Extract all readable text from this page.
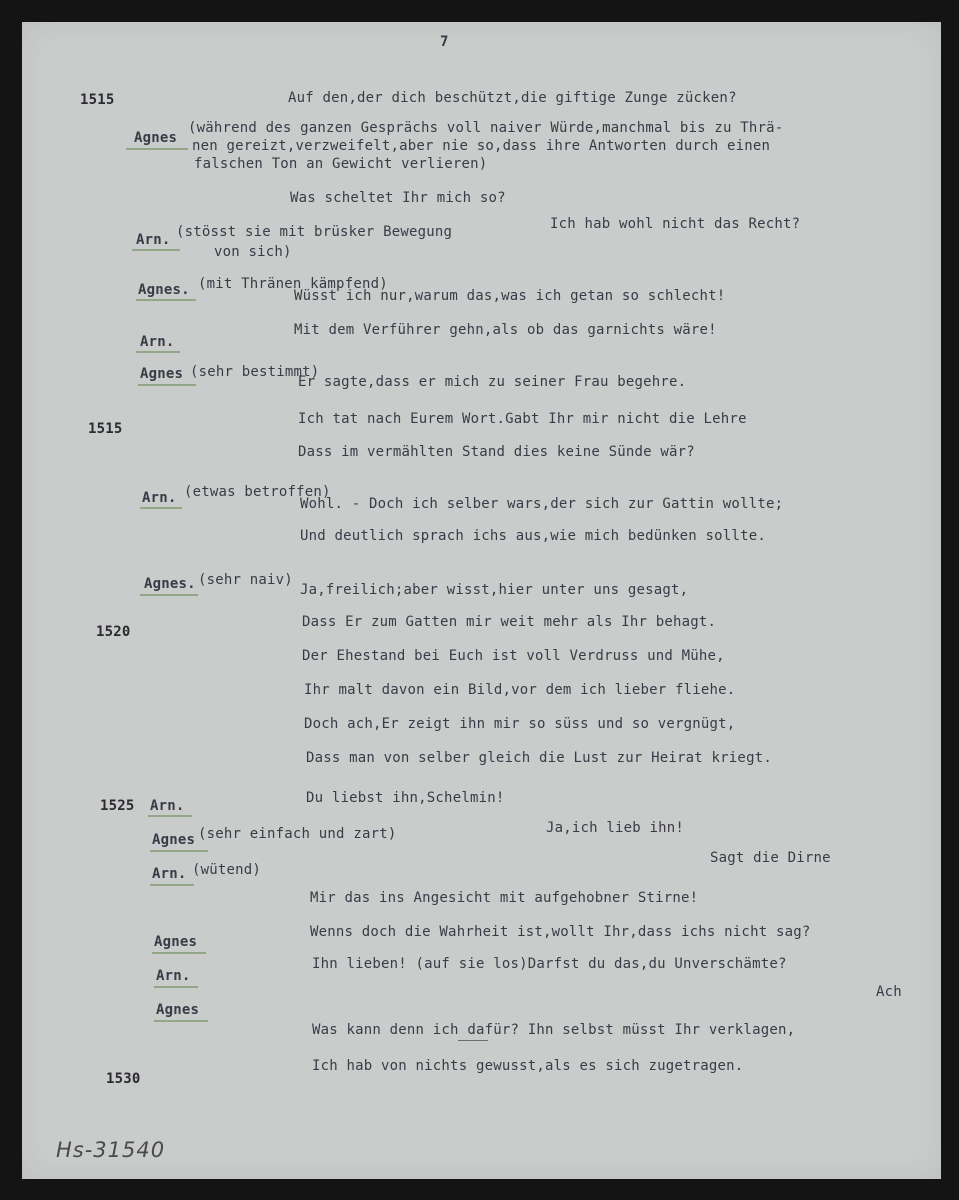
7
1515
1515
1520
1525
1530
Auf den,der dich beschützt,die giftige Zunge zücken?
Agnes
(während des ganzen Gesprächs voll naiver Würde,manchmal bis zu Thrä-
nen gereizt,verzweifelt,aber nie so,dass ihre Antworten durch einen
falschen Ton an Gewicht verlieren)
Was scheltet Ihr mich so?
Arn. (stösst sie mit brüsker Bewegung
von sich)
Ich hab wohl nicht das Recht?
Agnes. (mit Thränen kämpfend)
Wüsst ich nur,warum das,was ich getan so schlecht!
Arn.
Mit dem Verführer gehn,als ob das garnichts wäre!
Agnes (sehr bestimmt)
Er sagte,dass er mich zu seiner Frau begehre.
Ich tat nach Eurem Wort.Gabt Ihr mir nicht die Lehre
Dass im vermählten Stand dies keine Sünde wär?
Arn. (etwas betroffen)
Wohl. - Doch ich selber wars,der sich zur Gattin wollte;
Und deutlich sprach ichs aus,wie mich bedünken sollte.
Agnes. (sehr naiv)
Ja,freilich;aber wisst,hier unter uns gesagt,
Dass Er zum Gatten mir weit mehr als Ihr behagt.
Der Ehestand bei Euch ist voll Verdruss und Mühe,
Ihr malt davon ein Bild,vor dem ich lieber fliehe.
Doch ach,Er zeigt ihn mir so süss und so vergnügt,
Dass man von selber gleich die Lust zur Heirat kriegt.
Arn.	Du liebst ihn,Schelmin!
Agnes (sehr einfach und zart)	Ja,ich lieb ihn!
Arn. (wütend)
Sagt die Dirne
Mir das ins Angesicht mit aufgehobner Stirne!
Agnes
Wenns doch die Wahrheit ist,wollt Ihr,dass ichs nicht sag?
Arn.
Ihn lieben! (auf sie los)Darfst du das,du Unverschämte?
Agnes
Ach
Was kann denn ich dafür? Ihn selbst müsst Ihr verklagen,
Ich hab von nichts gewusst,als es sich zugetragen.
Hs-31540
